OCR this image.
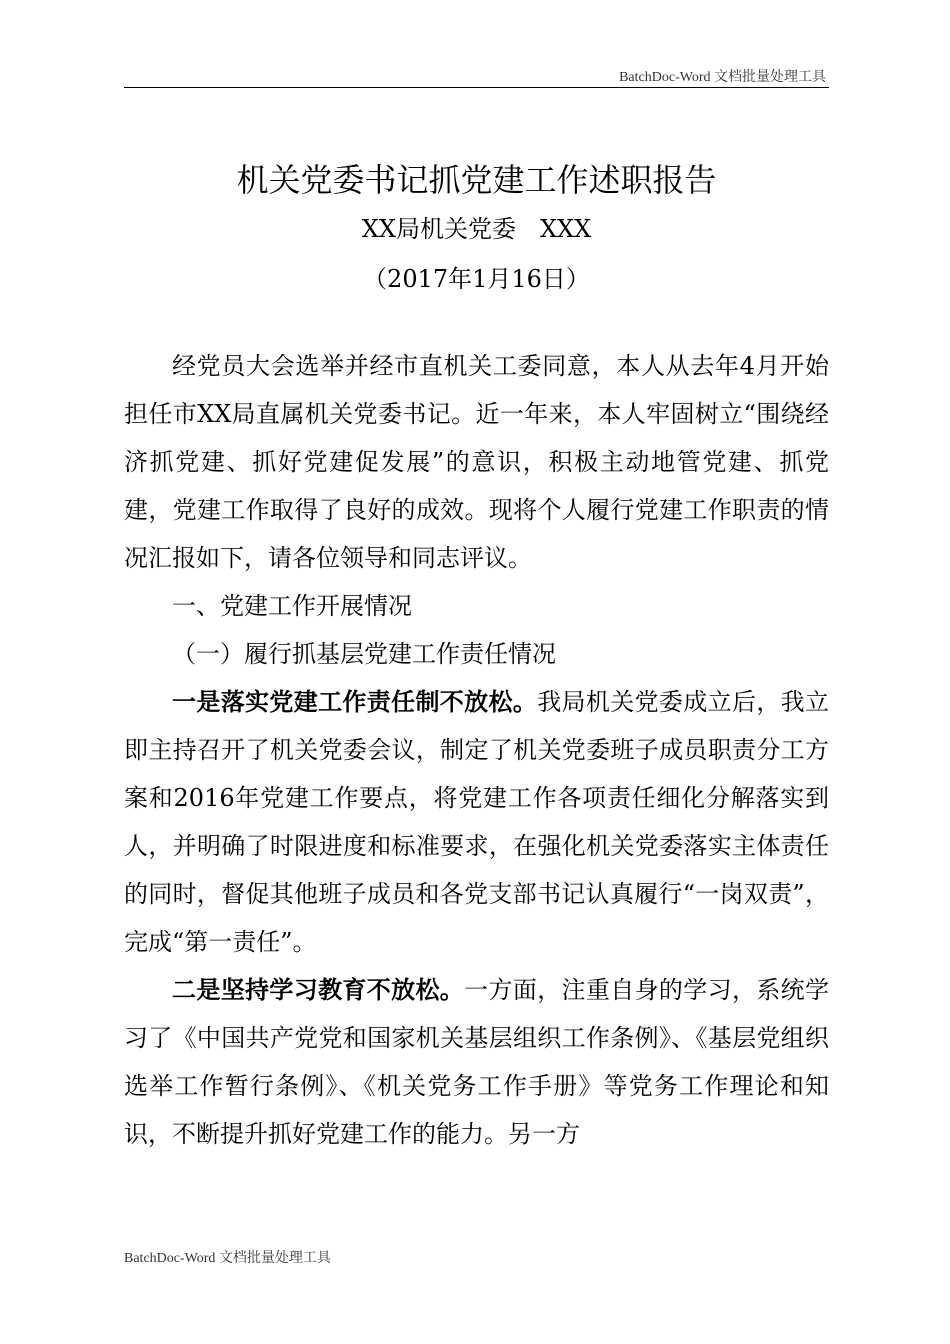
BatchDoc-Word 文档批量处理工具
机关党委书记抓党建工作述职报告
XX局机关党委　XXX
（2017年1月16日）

经党员大会选举并经市直机关工委同意，本人从去年4月开始担任市XX局直属机关党委书记。近一年来，本人牢固树立“围绕经济抓党建、抓好党建促发展”的意识，积极主动地管党建、抓党建，党建工作取得了良好的成效。现将个人履行党建工作职责的情况汇报如下，请各位领导和同志评议。

一、党建工作开展情况

（一）履行抓基层党建工作责任情况

一是落实党建工作责任制不放松。我局机关党委成立后，我立即主持召开了机关党委会议，制定了机关党委班子成员职责分工方案和2016年党建工作要点，将党建工作各项责任细化分解落实到人，并明确了时限进度和标准要求，在强化机关党委落实主体责任的同时，督促其他班子成员和各党支部书记认真履行“一岗双责”，完成“第一责任”。

二是坚持学习教育不放松。一方面，注重自身的学习，系统学习了《中国共产党党和国家机关基层组织工作条例》、《基层党组织选举工作暂行条例》、《机关党务工作手册》等党务工作理论和知识，不断提升抓好党建工作的能力。另一方

BatchDoc-Word 文档批量处理工具
